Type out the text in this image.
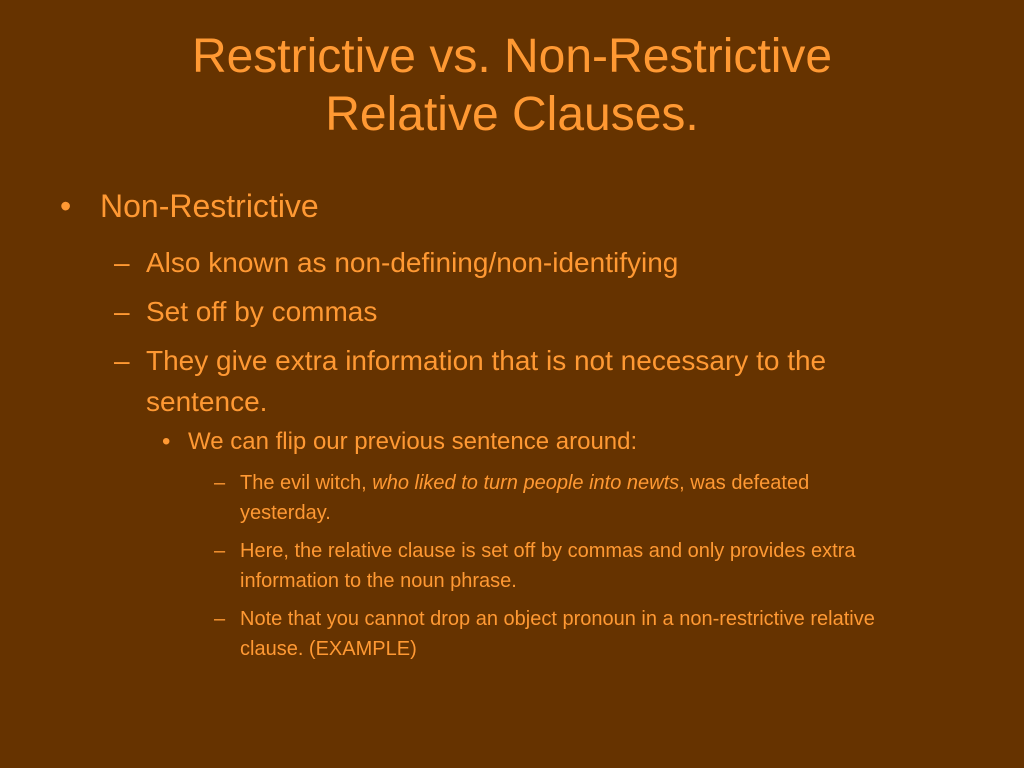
Restrictive vs. Non-Restrictive
Relative Clauses.
• Non-Restrictive
– Also known as non-defining/non-identifying
– Set off by commas
– They give extra information that is not necessary to the sentence.
• We can flip our previous sentence around:
– The evil witch, who liked to turn people into newts, was defeated yesterday.
– Here, the relative clause is set off by commas and only provides extra information to the noun phrase.
– Note that you cannot drop an object pronoun in a non-restrictive relative clause. (EXAMPLE)
